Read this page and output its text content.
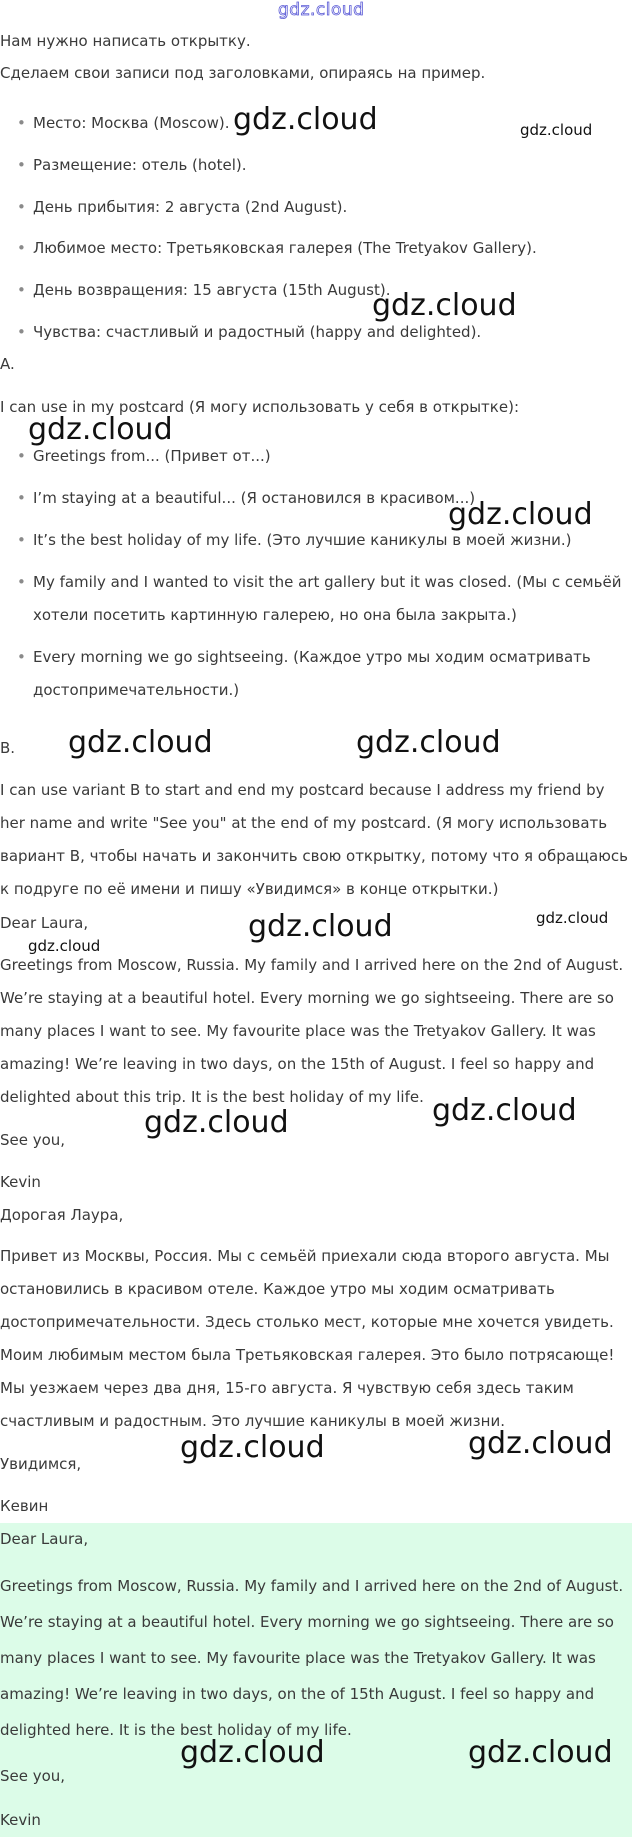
gdz.cloud

Нам нужно написать открытку.

Сделаем свои записи под заголовками, опираясь на пример.

• Место: Москва (Moscow).

• Размещение: отель (hotel).

• День прибытия: 2 августа (2nd August).

• Любимое место: Третьяковская галерея (The Tretyakov Gallery).

• День возвращения: 15 августа (15th August).

• Чувства: счастливый и радостный (happy and delighted).

A.

I can use in my postcard (Я могу использовать у себя в открытке):

• Greetings from... (Привет от...)

• I’m staying at a beautiful... (Я остановился в красивом...)

• It’s the best holiday of my life. (Это лучшие каникулы в моей жизни.)

• My family and I wanted to visit the art gallery but it was closed. (Мы с семьёй хотели посетить картинную галерею, но она была закрыта.)

• Every morning we go sightseeing. (Каждое утро мы ходим осматривать достопримечательности.)

B.

I can use variant B to start and end my postcard because I address my friend by her name and write "See you" at the end of my postcard. (Я могу использовать вариант B, чтобы начать и закончить свою открытку, потому что я обращаюсь к подруге по её имени и пишу «Увидимся» в конце открытки.)

Dear Laura,

Greetings from Moscow, Russia. My family and I arrived here on the 2nd of August. We’re staying at a beautiful hotel. Every morning we go sightseeing. There are so many places I want to see. My favourite place was the Tretyakov Gallery. It was amazing! We’re leaving in two days, on the 15th of August. I feel so happy and delighted about this trip. It is the best holiday of my life.

See you,

Kevin

Дорогая Лаура,

Привет из Москвы, Россия. Мы с семьёй приехали сюда второго августа. Мы остановились в красивом отеле. Каждое утро мы ходим осматривать достопримечательности. Здесь столько мест, которые мне хочется увидеть. Моим любимым местом была Третьяковская галерея. Это было потрясающе! Мы уезжаем через два дня, 15-го августа. Я чувствую себя здесь таким счастливым и радостным. Это лучшие каникулы в моей жизни.

Увидимся,

Кевин

Dear Laura,

Greetings from Moscow, Russia. My family and I arrived here on the 2nd of August. We’re staying at a beautiful hotel. Every morning we go sightseeing. There are so many places I want to see. My favourite place was the Tretyakov Gallery. It was amazing! We’re leaving in two days, on the of 15th August. I feel so happy and delighted here. It is the best holiday of my life.

See you,

Kevin

gdz.cloud	gdz.cloud
gdz.cloud
gdz.cloud
gdz.cloud
gdz.cloud	gdz.cloud
gdz.cloud
gdz.cloud
gdz.cloud
gdz.cloud
gdz.cloud
gdz.cloud
gdz.cloud
gdz.cloud	gdz.cloud
